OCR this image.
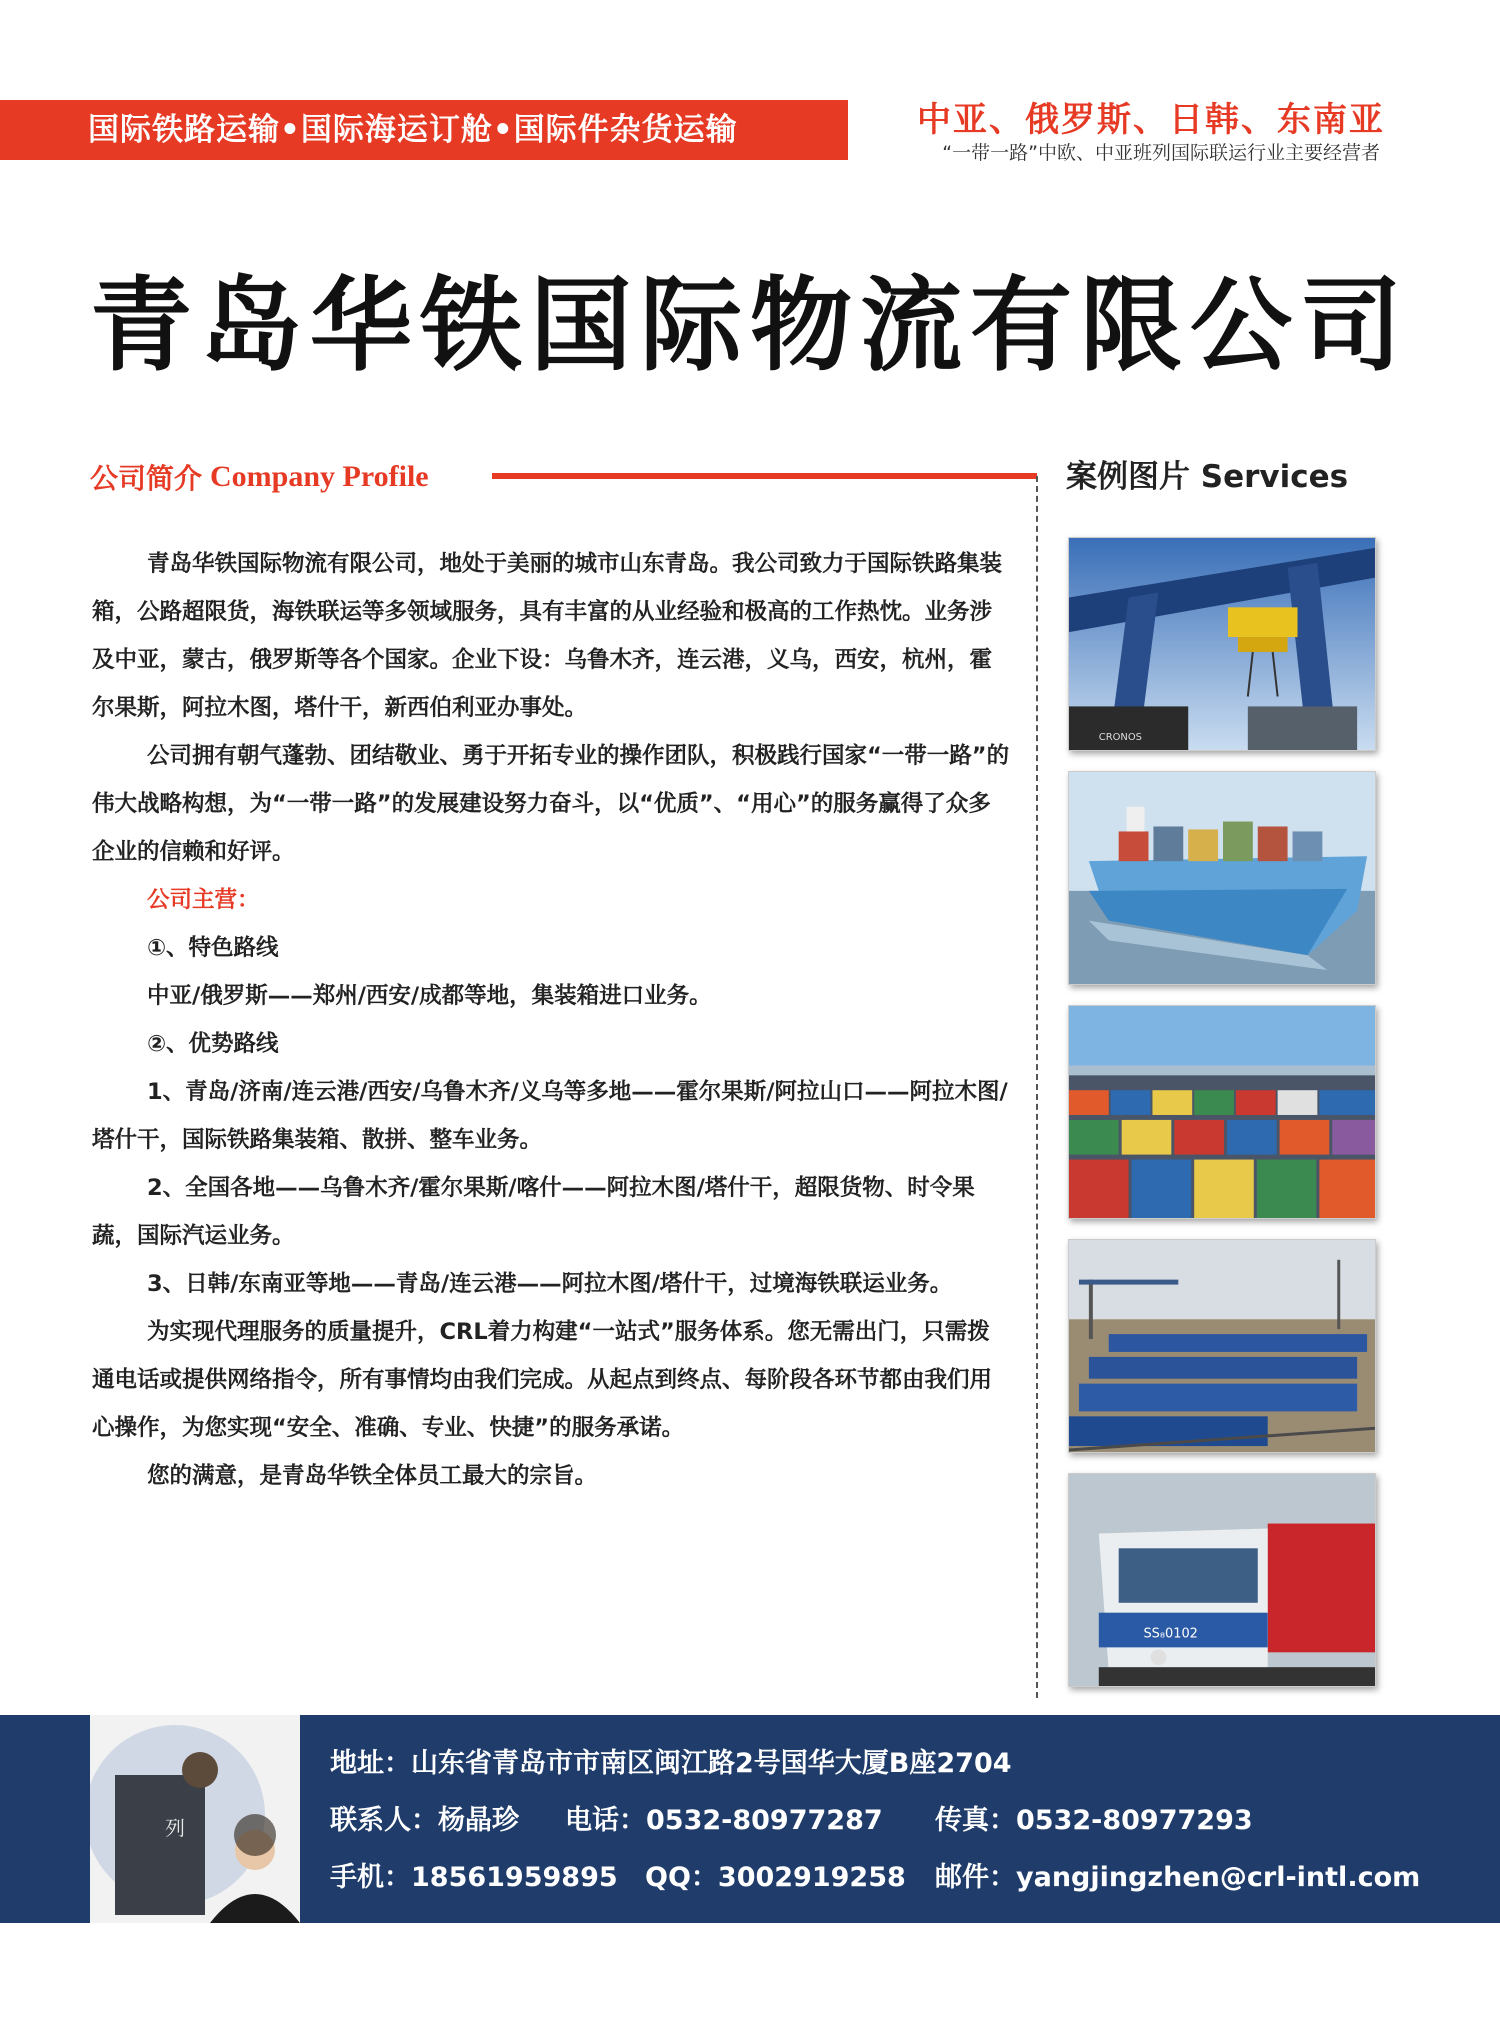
国际铁路运输•国际海运订舱•国际件杂货运输	中亚、俄罗斯、日韩、东南亚
“一带一路”中欧、中亚班列国际联运行业主要经营者
青岛华铁国际物流有限公司
公司简介 Company Profile	案例图片 Services

青岛华铁国际物流有限公司，地处于美丽的城市山东青岛。我公司致力于国际铁路集装箱，公路超限货，海铁联运等多领域服务，具有丰富的从业经验和极高的工作热忱。业务涉及中亚，蒙古，俄罗斯等各个国家。企业下设：乌鲁木齐，连云港，义乌，西安，杭州，霍尔果斯，阿拉木图，塔什干，新西伯利亚办事处。

公司拥有朝气蓬勃、团结敬业、勇于开拓专业的操作团队，积极践行国家“一带一路”的伟大战略构想，为“一带一路”的发展建设努力奋斗，以“优质”、“用心”的服务赢得了众多企业的信赖和好评。

公司主营：

①、特色路线

中亚/俄罗斯——郑州/西安/成都等地，集装箱进口业务。

②、优势路线

1、青岛/济南/连云港/西安/乌鲁木齐/义乌等多地——霍尔果斯/阿拉山口——阿拉木图/塔什干，国际铁路集装箱、散拼、整车业务。

2、全国各地——乌鲁木齐/霍尔果斯/喀什——阿拉木图/塔什干，超限货物、时令果蔬，国际汽运业务。

3、日韩/东南亚等地——青岛/连云港——阿拉木图/塔什干，过境海铁联运业务。

为实现代理服务的质量提升，CRL着力构建“一站式”服务体系。您无需出门，只需拨通电话或提供网络指令，所有事情均由我们完成。从起点到终点、每阶段各环节都由我们用心操作，为您实现“安全、准确、专业、快捷”的服务承诺。

您的满意，是青岛华铁全体员工最大的宗旨。

CRONOS
SS₈0102
列
地址：山东省青岛市市南区闽江路2号国华大厦B座2704
联系人：杨晶珍	电话：0532-80977287	传真：0532-80977293
手机：18561959895	QQ：3002919258	邮件：yangjingzhen@crl-intl.com
